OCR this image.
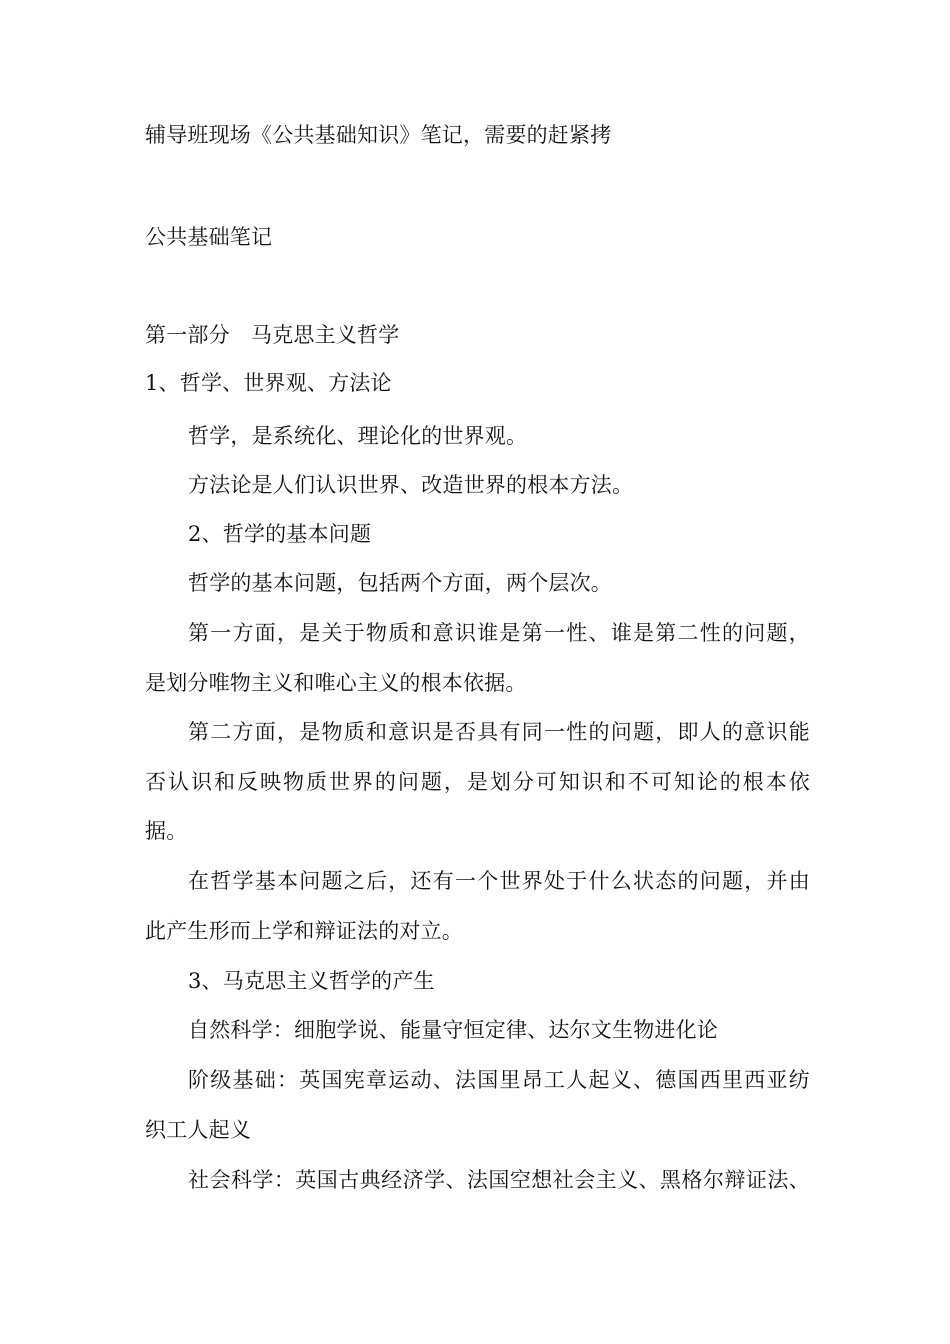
辅导班现场《公共基础知识》笔记，需要的赶紧拷
公共基础笔记
第一部分　马克思主义哲学
1、哲学、世界观、方法论
哲学，是系统化、理论化的世界观。
方法论是人们认识世界、改造世界的根本方法。
2、哲学的基本问题
哲学的基本问题，包括两个方面，两个层次。
第一方面，是关于物质和意识谁是第一性、谁是第二性的问题，
是划分唯物主义和唯心主义的根本依据。
第二方面，是物质和意识是否具有同一性的问题，即人的意识能
否认识和反映物质世界的问题，是划分可知识和不可知论的根本依
据。
在哲学基本问题之后，还有一个世界处于什么状态的问题，并由
此产生形而上学和辩证法的对立。
3、马克思主义哲学的产生
自然科学：细胞学说、能量守恒定律、达尔文生物进化论
阶级基础：英国宪章运动、法国里昂工人起义、德国西里西亚纺
织工人起义
社会科学：英国古典经济学、法国空想社会主义、黑格尔辩证法、
